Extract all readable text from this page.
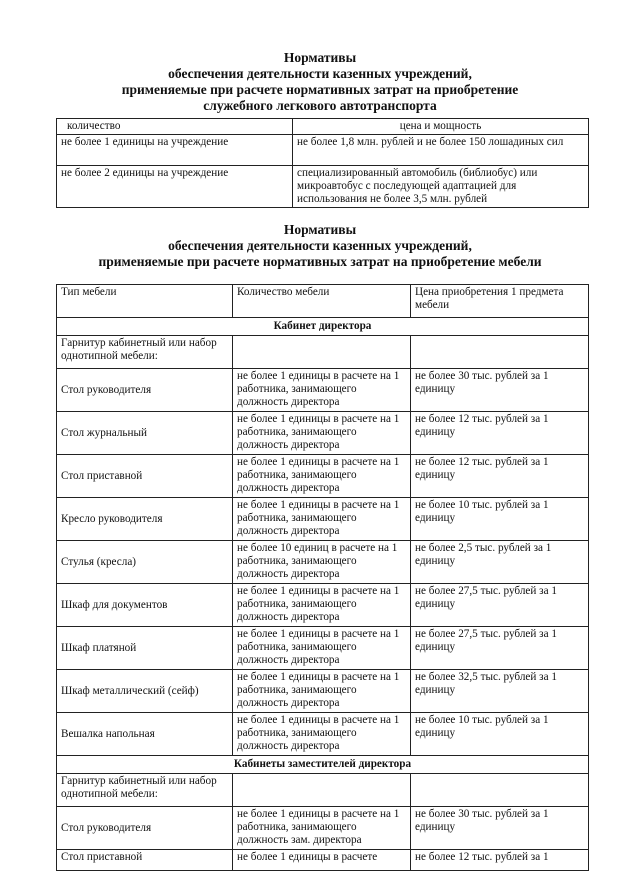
Нормативы
обеспечения деятельности казенных учреждений,
применяемые при расчете нормативных затрат на приобретение
служебного легкового автотранспорта
количество	цена и мощность
не более 1 единицы на учреждение	не более 1,8 млн. рублей и не более 150 лошадиных сил
не более 2 единицы на учреждение	специализированный автомобиль (библиобус) или микроавтобус с последующей адаптацией для использования не более 3,5 млн. рублей
Нормативы
обеспечения деятельности казенных учреждений,
применяемые при расчете нормативных затрат на приобретение мебели
Тип мебели	Количество мебели	Цена приобретения 1 предмета мебели
Кабинет директора		
Гарнитур кабинетный или набор однотипной мебели:		
Стол руководителя	не более 1 единицы в расчете на 1 работника, занимающего должность директора	не более 30 тыс. рублей за 1 единицу
Стол журнальный	не более 1 единицы в расчете на 1 работника, занимающего должность директора	не более 12 тыс. рублей за 1 единицу
Стол приставной	не более 1 единицы в расчете на 1 работника, занимающего должность директора	не более 12 тыс. рублей за 1 единицу
Кресло руководителя	не более 1 единицы в расчете на 1 работника, занимающего должность директора	не более 10 тыс. рублей за 1 единицу
Стулья (кресла)	не более 10 единиц в расчете на 1 работника, занимающего должность директора	не более 2,5 тыс. рублей за 1 единицу
Шкаф для документов	не более 1 единицы в расчете на 1 работника, занимающего должность директора	не более 27,5 тыс. рублей за 1 единицу
Шкаф платяной	не более 1 единицы в расчете на 1 работника, занимающего должность директора	не более 27,5 тыс. рублей за 1 единицу
Шкаф металлический (сейф)	не более 1 единицы в расчете на 1 работника, занимающего должность директора	не более 32,5 тыс. рублей за 1 единицу
Вешалка напольная	не более 1 единицы в расчете на 1 работника, занимающего должность директора	не более 10 тыс. рублей за 1 единицу
Кабинеты заместителей директора		
Гарнитур кабинетный или набор однотипной мебели:		
Стол руководителя	не более 1 единицы в расчете на 1 работника, занимающего должность зам. директора	не более 30 тыс. рублей за 1 единицу
Стол приставной	не более 1 единицы в расчете	не более 12 тыс. рублей за 1
